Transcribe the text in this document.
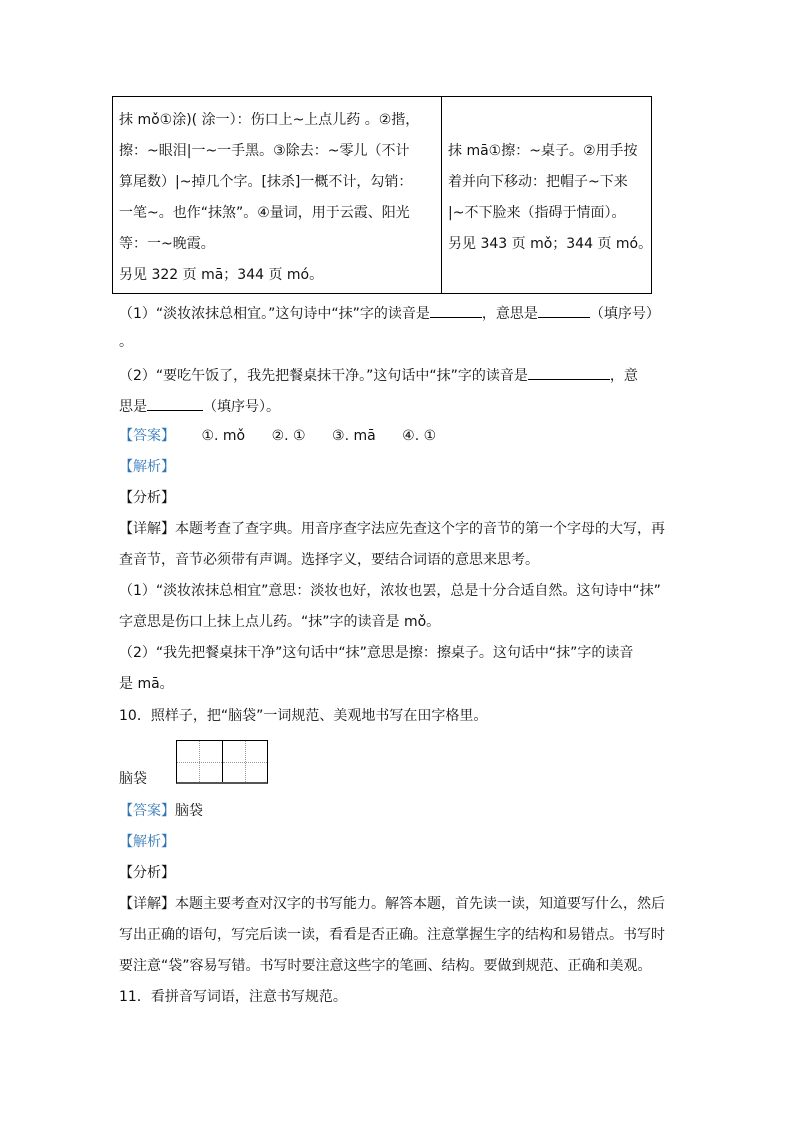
抹 mǒ①涂)( 涂一）：伤口上~上点儿药 。②揩，
擦：~眼泪|一~一手黑。③除去：~零儿（不计
算尾数）|~掉几个字。[抹杀]一概不计，勾销：
一笔~。也作“抹煞”。④量词，用于云霞、阳光
等：一~晚霞。
另见 322 页 mā；344 页 mó。
抹 mā①擦：~桌子。②用手按
着并向下移动：把帽子~下来
|~不下脸来（指碍于情面）。
另见 343 页 mǒ；344 页 mó。
（1）“淡妆浓抹总相宜。”这句诗中“抹”字的读音是	，意思是	（填序号）
。
（2）“要吃午饭了，我先把餐桌抹干净。”这句话中“抹”字的读音是	，意
思是	（填序号）。
【答案】 ①. mǒ ②. ① ③. mā ④. ①
【解析】
【分析】
【详解】本题考查了查字典。用音序查字法应先查这个字的音节的第一个字母的大写，再
查音节，音节必须带有声调。选择字义，要结合词语的意思来思考。
（1）“淡妆浓抹总相宜”意思：淡妆也好，浓妆也罢，总是十分合适自然。这句诗中“抹”
字意思是伤口上抹上点儿药。“抹”字的读音是 mǒ。
（2）“我先把餐桌抹干净”这句话中“抹”意思是擦：擦桌子。这句话中“抹”字的读音
是 mā。
10．照样子，把“脑袋”一词规范、美观地书写在田字格里。
脑袋
【答案】脑袋
【解析】
【分析】
【详解】本题主要考查对汉字的书写能力。解答本题，首先读一读，知道要写什么，然后
写出正确的语句，写完后读一读，看看是否正确。注意掌握生字的结构和易错点。书写时
要注意“袋”容易写错。书写时要注意这些字的笔画、结构。要做到规范、正确和美观。
11．看拼音写词语，注意书写规范。
